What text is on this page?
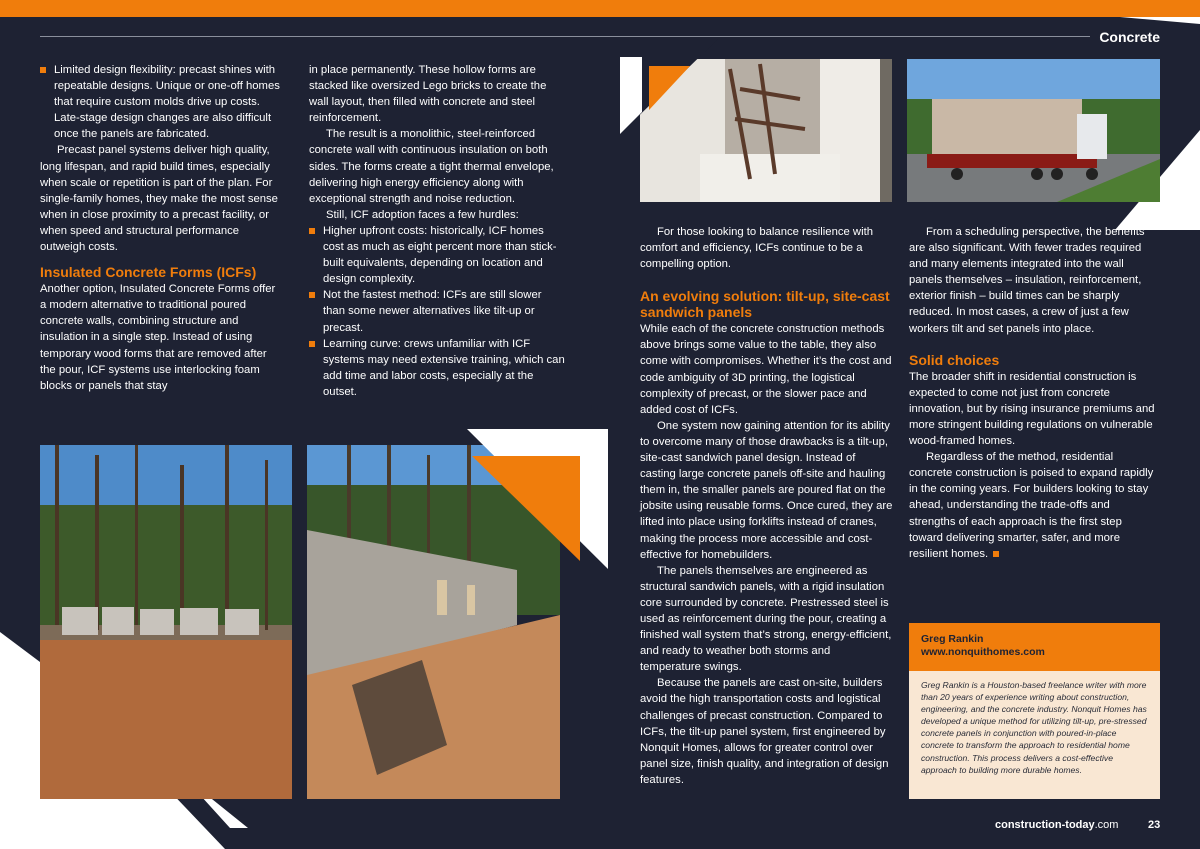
Concrete

Limited design flexibility: precast shines with repeatable designs. Unique or one-off homes that require custom molds drive up costs. Late-stage design changes are also difficult once the panels are fabricated.

Precast panel systems deliver high quality, long lifespan, and rapid build times, especially when scale or repetition is part of the plan. For single-family homes, they make the most sense when in close proximity to a precast facility, or when speed and structural performance outweigh costs.

Insulated Concrete Forms (ICFs)

Another option, Insulated Concrete Forms offer a modern alternative to traditional poured concrete walls, combining structure and insulation in a single step. Instead of using temporary wood forms that are removed after the pour, ICF systems use interlocking foam blocks or panels that stay

in place permanently. These hollow forms are stacked like oversized Lego bricks to create the wall layout, then filled with concrete and steel reinforcement.

The result is a monolithic, steel-reinforced concrete wall with continuous insulation on both sides. The forms create a tight thermal envelope, delivering high energy efficiency along with exceptional strength and noise reduction.

Still, ICF adoption faces a few hurdles:

Higher upfront costs: historically, ICF homes cost as much as eight percent more than stick-built equivalents, depending on location and design complexity.

Not the fastest method: ICFs are still slower than some newer alternatives like tilt-up or precast.

Learning curve: crews unfamiliar with ICF systems may need extensive training, which can add time and labor costs, especially at the outset.

For those looking to balance resilience with comfort and efficiency, ICFs continue to be a compelling option.

An evolving solution: tilt-up, site-cast sandwich panels

While each of the concrete construction methods above brings some value to the table, they also come with compromises. Whether it’s the cost and code ambiguity of 3D printing, the logistical complexity of precast, or the slower pace and added cost of ICFs.

One system now gaining attention for its ability to overcome many of those drawbacks is a tilt-up, site-cast sandwich panel design. Instead of casting large concrete panels off-site and hauling them in, the smaller panels are poured flat on the jobsite using reusable forms. Once cured, they are lifted into place using forklifts instead of cranes, making the process more accessible and cost-effective for homebuilders.

The panels themselves are engineered as structural sandwich panels, with a rigid insulation core surrounded by concrete. Prestressed steel is used as reinforcement during the pour, creating a finished wall system that’s strong, energy-efficient, and ready to weather both storms and temperature swings.

Because the panels are cast on-site, builders avoid the high transportation costs and logistical challenges of precast construction. Compared to ICFs, the tilt-up panel system, first engineered by Nonquit Homes, allows for greater control over panel size, finish quality, and integration of design features.

From a scheduling perspective, the benefits are also significant. With fewer trades required and many elements integrated into the wall panels themselves – insulation, reinforcement, exterior finish – build times can be sharply reduced. In most cases, a crew of just a few workers tilt and set panels into place.

Solid choices

The broader shift in residential construction is expected to come not just from concrete innovation, but by rising insurance premiums and more stringent building regulations on vulnerable wood-framed homes.

Regardless of the method, residential concrete construction is poised to expand rapidly in the coming years. For builders looking to stay ahead, understanding the trade-offs and strengths of each approach is the first step toward delivering smarter, safer, and more resilient homes.

Greg Rankin
www.nonquithomes.com
Greg Rankin is a Houston-based freelance writer with more than 20 years of experience writing about construction, engineering, and the concrete industry. Nonquit Homes has developed a unique method for utilizing tilt-up, pre-stressed concrete panels in conjunction with poured-in-place concrete to transform the approach to residential home construction. This process delivers a cost-effective approach to building more durable homes.
construction-today.com	23
